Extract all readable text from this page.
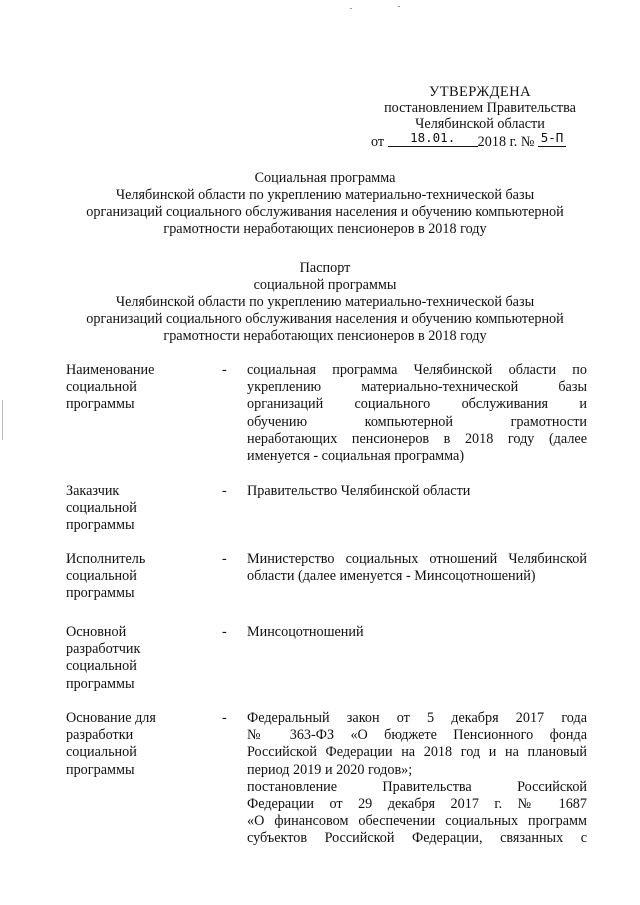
УТВЕРЖДЕНА
постановлением Правительства
Челябинской области
от 18.01. 2018 г. № 5-П
Социальная программа
Челябинской области по укреплению материально-технической базы
организаций социального обслуживания населения и обучению компьютерной
грамотности неработающих пенсионеров в 2018 году
Паспорт
социальной программы
Челябинской области по укреплению материально-технической базы
организаций социального обслуживания населения и обучению компьютерной
грамотности неработающих пенсионеров в 2018 году
Наименование
социальной
программы
- социальная программа Челябинской области по
укреплению материально-технической базы
организаций социального обслуживания и
обучению компьютерной грамотности
неработающих пенсионеров в 2018 году (далее
именуется - социальная программа)
Заказчик
социальной
программы
- Правительство Челябинской области
Исполнитель
социальной
программы
- Министерство социальных отношений Челябинской
области (далее именуется - Минсоцотношений)
Основной
разработчик
социальной
программы
- Минсоцотношений
Основание для
разработки
социальной
программы
- Федеральный закон от 5 декабря 2017 года
№ 363-ФЗ «О бюджете Пенсионного фонда
Российской Федерации на 2018 год и на плановый
период 2019 и 2020 годов»;
постановление Правительства Российской
Федерации от 29 декабря 2017 г. № 1687
«О финансовом обеспечении социальных программ
субъектов Российской Федерации, связанных с
